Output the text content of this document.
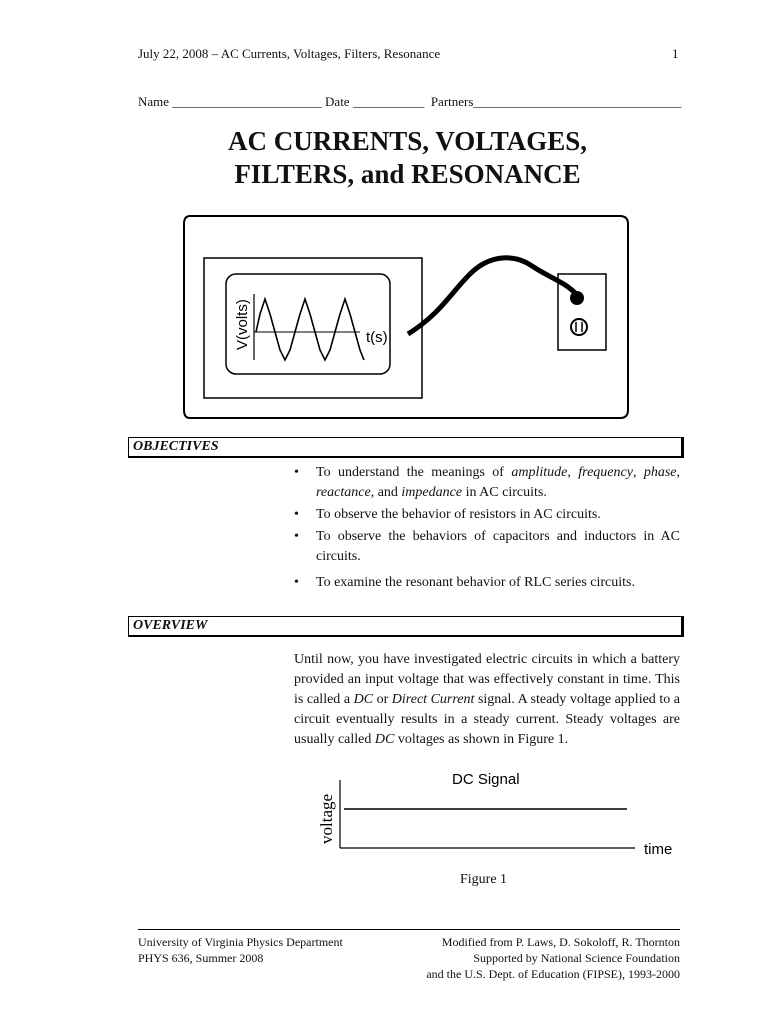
July 22, 2008 – AC Currents, Voltages, Filters, Resonance	1
Name _______________________ Date ___________  Partners________________________________
AC CURRENTS, VOLTAGES,
FILTERS, and RESONANCE
V(volts)	t(s)
OBJECTIVES
• To understand the meanings of amplitude, frequency, phase, reactance, and impedance in AC circuits.
• To observe the behavior of resistors in AC circuits.
• To observe the behaviors of capacitors and inductors in AC circuits.
• To examine the resonant behavior of RLC series circuits.
OVERVIEW
Until now, you have investigated electric circuits in which a battery provided an input voltage that was effectively constant in time. This is called a DC or Direct Current signal. A steady voltage applied to a circuit eventually results in a steady current. Steady voltages are usually called DC voltages as shown in Figure 1.
DC Signal
voltage
time
Figure 1
University of Virginia Physics Department
PHYS 636, Summer 2008
Modified from P. Laws, D. Sokoloff, R. Thornton
Supported by National Science Foundation
and the U.S. Dept. of Education (FIPSE), 1993-2000
